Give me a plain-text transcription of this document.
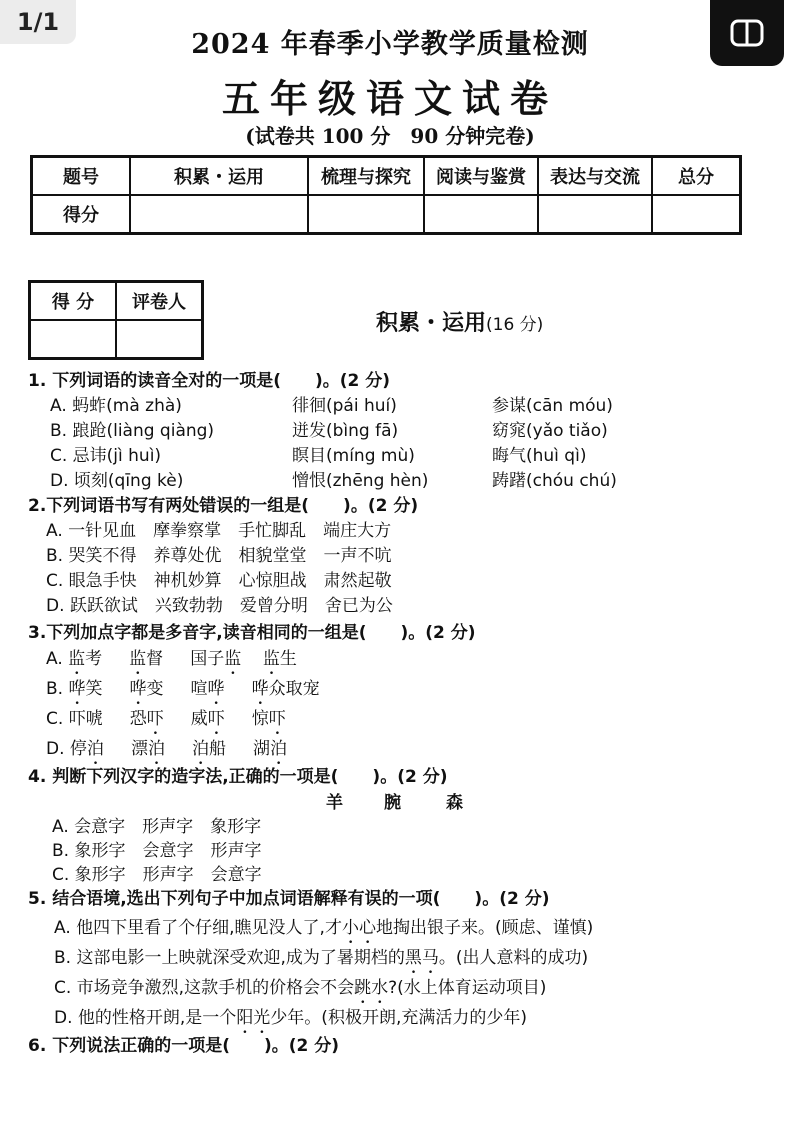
1/1
2024 年春季小学教学质量检测
五年级语文试卷
(试卷共 100 分　90 分钟完卷)
题号	积累・运用	梳理与探究	阅读与鉴赏	表达与交流	总分
得分					
得 分	评卷人

积累・运用(16 分)
1. 下列词语的读音全对的一项是(　　)。(2 分)
A. 蚂蚱(mà zhà)	徘徊(pái huí)	参谋(cān móu)
B. 踉跄(liàng qiàng)	迸发(bìng fā)	窈窕(yǎo tiǎo)
C. 忌讳(jì huì)	瞑目(míng mù)	晦气(huì qì)
D. 顷刻(qīng kè)	憎恨(zhēng hèn)	踌躇(chóu chú)
2.下列词语书写有两处错误的一组是(　　)。(2 分)
A. 一针见血　摩拳察掌　手忙脚乱　端庄大方
B. 哭笑不得　养尊处优　相貌堂堂　一声不吭
C. 眼急手快　神机妙算　心惊胆战　肃然起敬
D. 跃跃欲试　兴致勃勃　爱曾分明　舍已为公
3.下列加点字都是多音字,读音相同的一组是(　　)。(2 分)
A. 监考 监督 国子监 监生
B. 哗笑 哗变 喧哗 哗众取宠
C. 吓唬 恐吓 威吓 惊吓
D. 停泊 漂泊 泊船 湖泊
4. 判断下列汉字的造字法,正确的一项是(　　)。(2 分)
羊 腕	森
A. 会意字　形声字　象形字
B. 象形字　会意字　形声字
C. 象形字　形声字　会意字
5. 结合语境,选出下列句子中加点词语解释有误的一项(　　)。(2 分)
A. 他四下里看了个仔细,瞧见没人了,才小心地掏出银子来。(顾虑、谨慎)
B. 这部电影一上映就深受欢迎,成为了暑期档的黑马。(出人意料的成功)
C. 市场竞争激烈,这款手机的价格会不会跳水?(水上体育运动项目)
D. 他的性格开朗,是一个阳光少年。(积极开朗,充满活力的少年)
6. 下列说法正确的一项是(　　)。(2 分)
